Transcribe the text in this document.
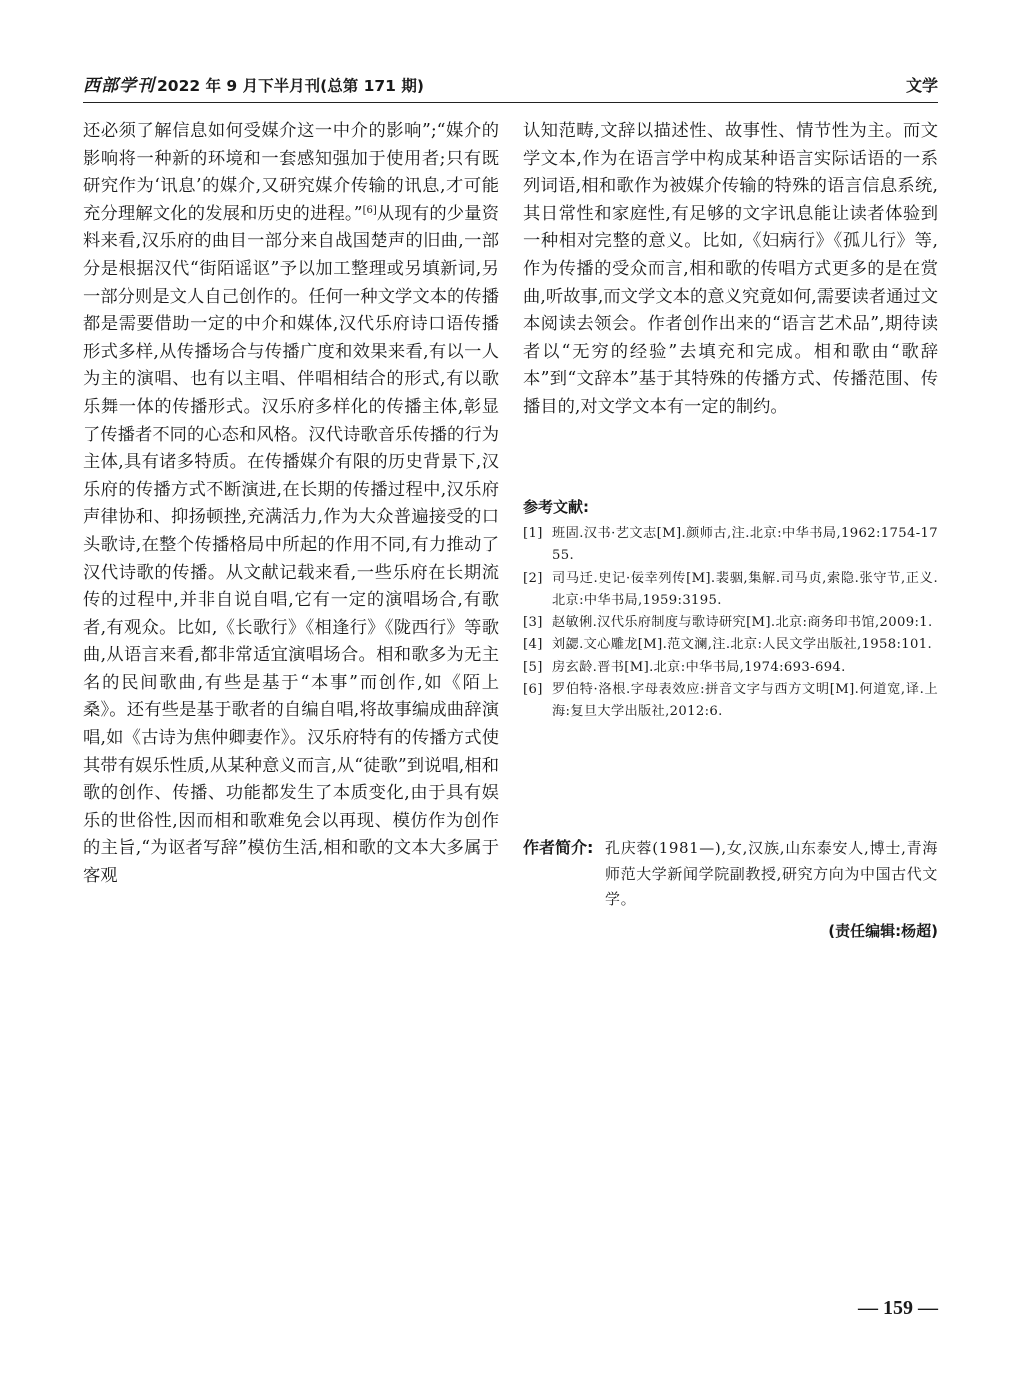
西部学刊 2022 年 9 月下半月刊(总第 171 期)	文学

还必须了解信息如何受媒介这一中介的影响”;“媒介的影响将一种新的环境和一套感知强加于使用者;只有既研究作为‘讯息’的媒介,又研究媒介传输的讯息,才可能充分理解文化的发展和历史的进程。”[6]从现有的少量资料来看,汉乐府的曲目一部分来自战国楚声的旧曲,一部分是根据汉代“街陌谣讴”予以加工整理或另填新词,另一部分则是文人自己创作的。任何一种文学文本的传播都是需要借助一定的中介和媒体,汉代乐府诗口语传播形式多样,从传播场合与传播广度和效果来看,有以一人为主的演唱、也有以主唱、伴唱相结合的形式,有以歌乐舞一体的传播形式。汉乐府多样化的传播主体,彰显了传播者不同的心态和风格。汉代诗歌音乐传播的行为主体,具有诸多特质。在传播媒介有限的历史背景下,汉乐府的传播方式不断演进,在长期的传播过程中,汉乐府声律协和、抑扬顿挫,充满活力,作为大众普遍接受的口头歌诗,在整个传播格局中所起的作用不同,有力推动了汉代诗歌的传播。从文献记载来看,一些乐府在长期流传的过程中,并非自说自唱,它有一定的演唱场合,有歌者,有观众。比如,《长歌行》《相逢行》《陇西行》等歌曲,从语言来看,都非常适宜演唱场合。相和歌多为无主名的民间歌曲,有些是基于“本事”而创作,如《陌上桑》。还有些是基于歌者的自编自唱,将故事编成曲辞演唱,如《古诗为焦仲卿妻作》。汉乐府特有的传播方式使其带有娱乐性质,从某种意义而言,从“徒歌”到说唱,相和歌的创作、传播、功能都发生了本质变化,由于具有娱乐的世俗性,因而相和歌难免会以再现、模仿作为创作的主旨,“为讴者写辞”模仿生活,相和歌的文本大多属于客观

认知范畴,文辞以描述性、故事性、情节性为主。而文学文本,作为在语言学中构成某种语言实际话语的一系列词语,相和歌作为被媒介传输的特殊的语言信息系统,其日常性和家庭性,有足够的文字讯息能让读者体验到一种相对完整的意义。比如,《妇病行》《孤儿行》等,作为传播的受众而言,相和歌的传唱方式更多的是在赏曲,听故事,而文学文本的意义究竟如何,需要读者通过文本阅读去领会。作者创作出来的“语言艺术品”,期待读者以“无穷的经验”去填充和完成。相和歌由“歌辞本”到“文辞本”基于其特殊的传播方式、传播范围、传播目的,对文学文本有一定的制约。

参考文献:
[1] 班固.汉书·艺文志[M].颜师古,注.北京:中华书局,1962:1754-1755.
[2] 司马迁.史记·佞幸列传[M].裴骃,集解.司马贞,索隐.张守节,正义.北京:中华书局,1959:3195.
[3] 赵敏俐.汉代乐府制度与歌诗研究[M].北京:商务印书馆,2009:1.
[4] 刘勰.文心雕龙[M].范文澜,注.北京:人民文学出版社,1958:101.
[5] 房玄龄.晋书[M].北京:中华书局,1974:693-694.
[6] 罗伯特·洛根.字母表效应:拼音文字与西方文明[M].何道宽,译.上海:复旦大学出版社,2012:6.
作者简介: 孔庆蓉(1981—),女,汉族,山东泰安人,博士,青海师范大学新闻学院副教授,研究方向为中国古代文学。

(责任编辑:杨超)
— 159 —
